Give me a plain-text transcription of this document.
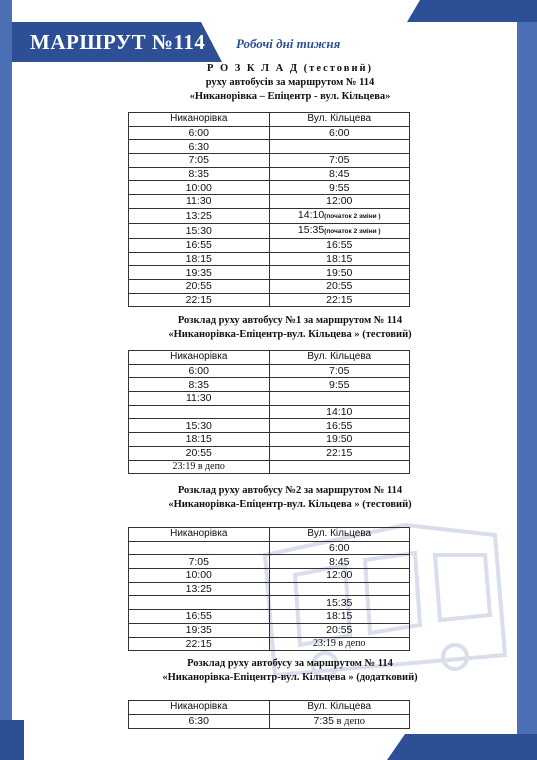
МАРШРУТ №114 Робочі дні тижня
Р О З К Л А Д (тестовий)
руху автобусів за маршрутом № 114
«Никанорівка – Епіцентр - вул. Кільцева»
Никанорівка	Вул. Кільцева
6:00	6:00
6:30	
7:05	7:05
8:35	8:45
10:00	9:55
11:30	12:00
13:25	14:10(початок 2 зміни )
15:30	15:35(початок 2 зміни )
16:55	16:55
18:15	18:15
19:35	19:50
20:55	20:55
22:15	22:15
Розклад руху автобусу №1 за маршрутом № 114
«Никанорівка-Епіцентр-вул. Кільцева » (тестовий)
Никанорівка	Вул. Кільцева
6:00	7:05
8:35	9:55
11:30	
	14:10
15:30	16:55
18:15	19:50
20:55	22:15
23:19 в депо	
Розклад руху автобусу №2 за маршрутом № 114
«Никанорівка-Епіцентр-вул. Кільцева » (тестовий)
Никанорівка	Вул. Кільцева
	6:00
7:05	8:45
10:00	12:00
13:25	
	15:35
16:55	18:15
19:35	20:55
22:15	23:19 в депо
Розклад руху автобусу за маршрутом № 114
«Никанорівка-Епіцентр-вул. Кільцева » (додатковий)
Никанорівка	Вул. Кільцева
6:30	7:35 в депо
